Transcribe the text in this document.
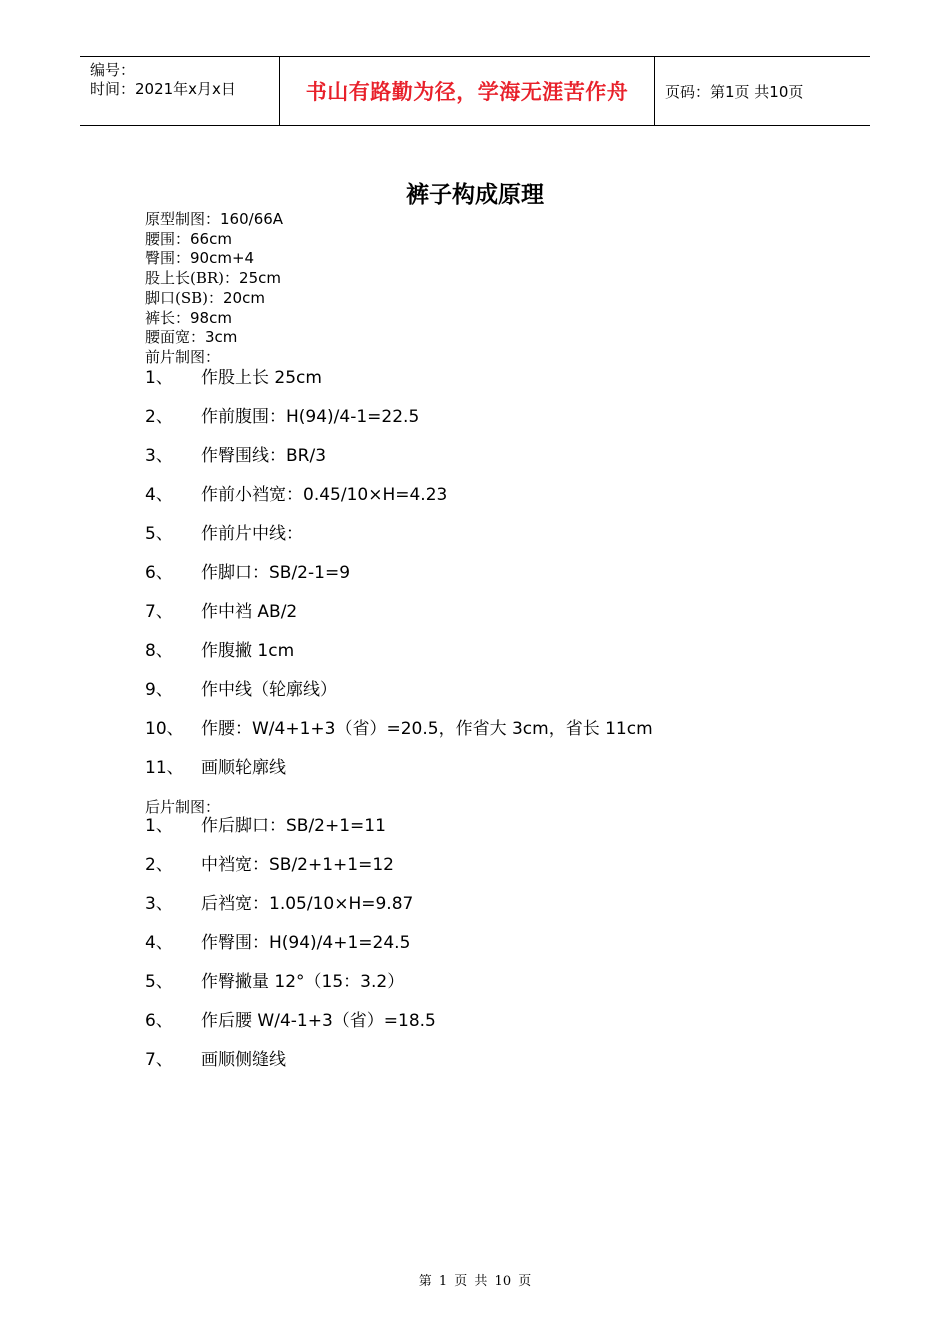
编号：
时间：2021年x月x日	书山有路勤为径，学海无涯苦作舟	页码：第1页 共10页
裤子构成原理
原型制图：160/66A
腰围：66cm
臀围：90cm+4
股上长(BR)：25cm
脚口(SB)：20cm
裤长：98cm
腰面宽：3cm
前片制图：
1、	作股上长 25cm
2、	作前腹围：H(94)/4-1=22.5
3、	作臀围线：BR/3
4、	作前小裆宽：0.45/10×H=4.23
5、	作前片中线：
6、	作脚口：SB/2-1=9
7、	作中裆 AB/2
8、	作腹撇 1cm
9、	作中线（轮廓线）
10、	作腰：W/4+1+3（省）=20.5，作省大 3cm，省长 11cm
11、	画顺轮廓线
后片制图：
1、	作后脚口：SB/2+1=11
2、	中裆宽：SB/2+1+1=12
3、	后裆宽：1.05/10×H=9.87
4、	作臀围：H(94)/4+1=24.5
5、	作臀撇量 12°（15：3.2）
6、	作后腰 W/4-1+3（省）=18.5
7、	画顺侧缝线
第 1 页 共 10 页
